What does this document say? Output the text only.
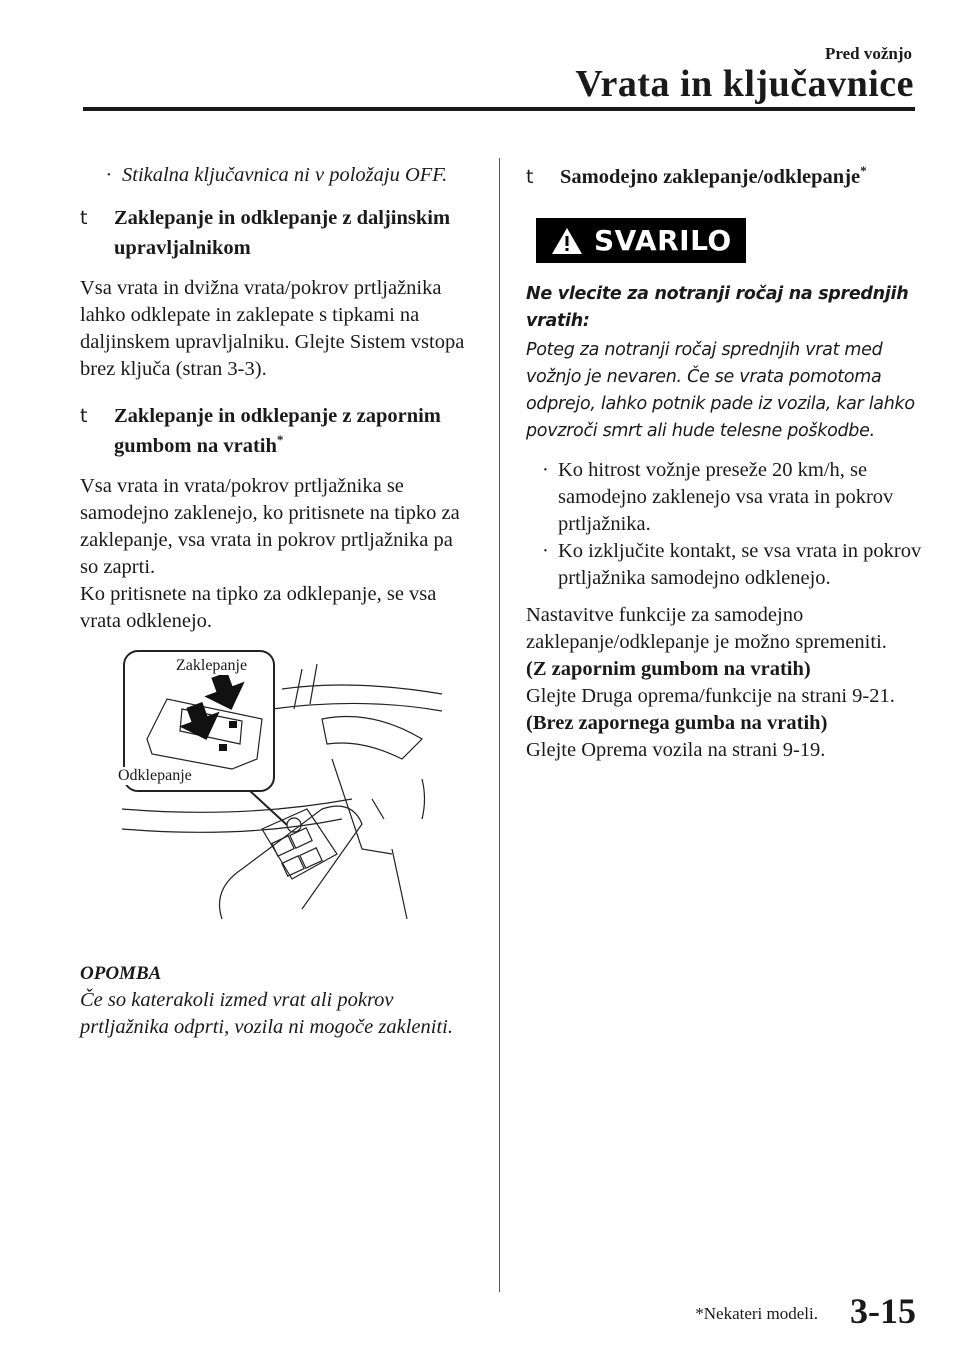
Pred vožnjo
Vrata in ključavnice
· Stikalna ključavnica ni v položaju OFF.
t Zaklepanje in odklepanje z daljinskim upravljalnikom

Vsa vrata in dvižna vrata/pokrov prtljažnika lahko odklepate in zaklepate s tipkami na daljinskem upravljalniku. Glejte Sistem vstopa brez ključa (stran 3-3).

t Zaklepanje in odklepanje z zapornim gumbom na vratih*

Vsa vrata in vrata/pokrov prtljažnika se samodejno zaklenejo, ko pritisnete na tipko za zaklepanje, vsa vrata in pokrov prtljažnika pa so zaprti.

Ko pritisnete na tipko za odklepanje, se vsa vrata odklenejo.

Zaklepanje
Odklepanje
OPOMBA
Če so katerakoli izmed vrat ali pokrov prtljažnika odprti, vozila ni mogoče zakleniti.
t Samodejno zaklepanje/odklepanje*
SVARILO
Ne vlecite za notranji ročaj na sprednjih vratih:
Poteg za notranji ročaj sprednjih vrat med vožnjo je nevaren. Če se vrata pomotoma odprejo, lahko potnik pade iz vozila, kar lahko povzroči smrt ali hude telesne poškodbe.
· Ko hitrost vožnje preseže 20 km/h, se samodejno zaklenejo vsa vrata in pokrov prtljažnika.
· Ko izključite kontakt, se vsa vrata in pokrov prtljažnika samodejno odklenejo.

Nastavitve funkcije za samodejno zaklepanje/odklepanje je možno spremeniti.

(Z zapornim gumbom na vratih)
Glejte Druga oprema/funkcije na strani 9-21.
(Brez zapornega gumba na vratih)
Glejte Oprema vozila na strani 9-19.
*Nekateri modeli. 3-15
